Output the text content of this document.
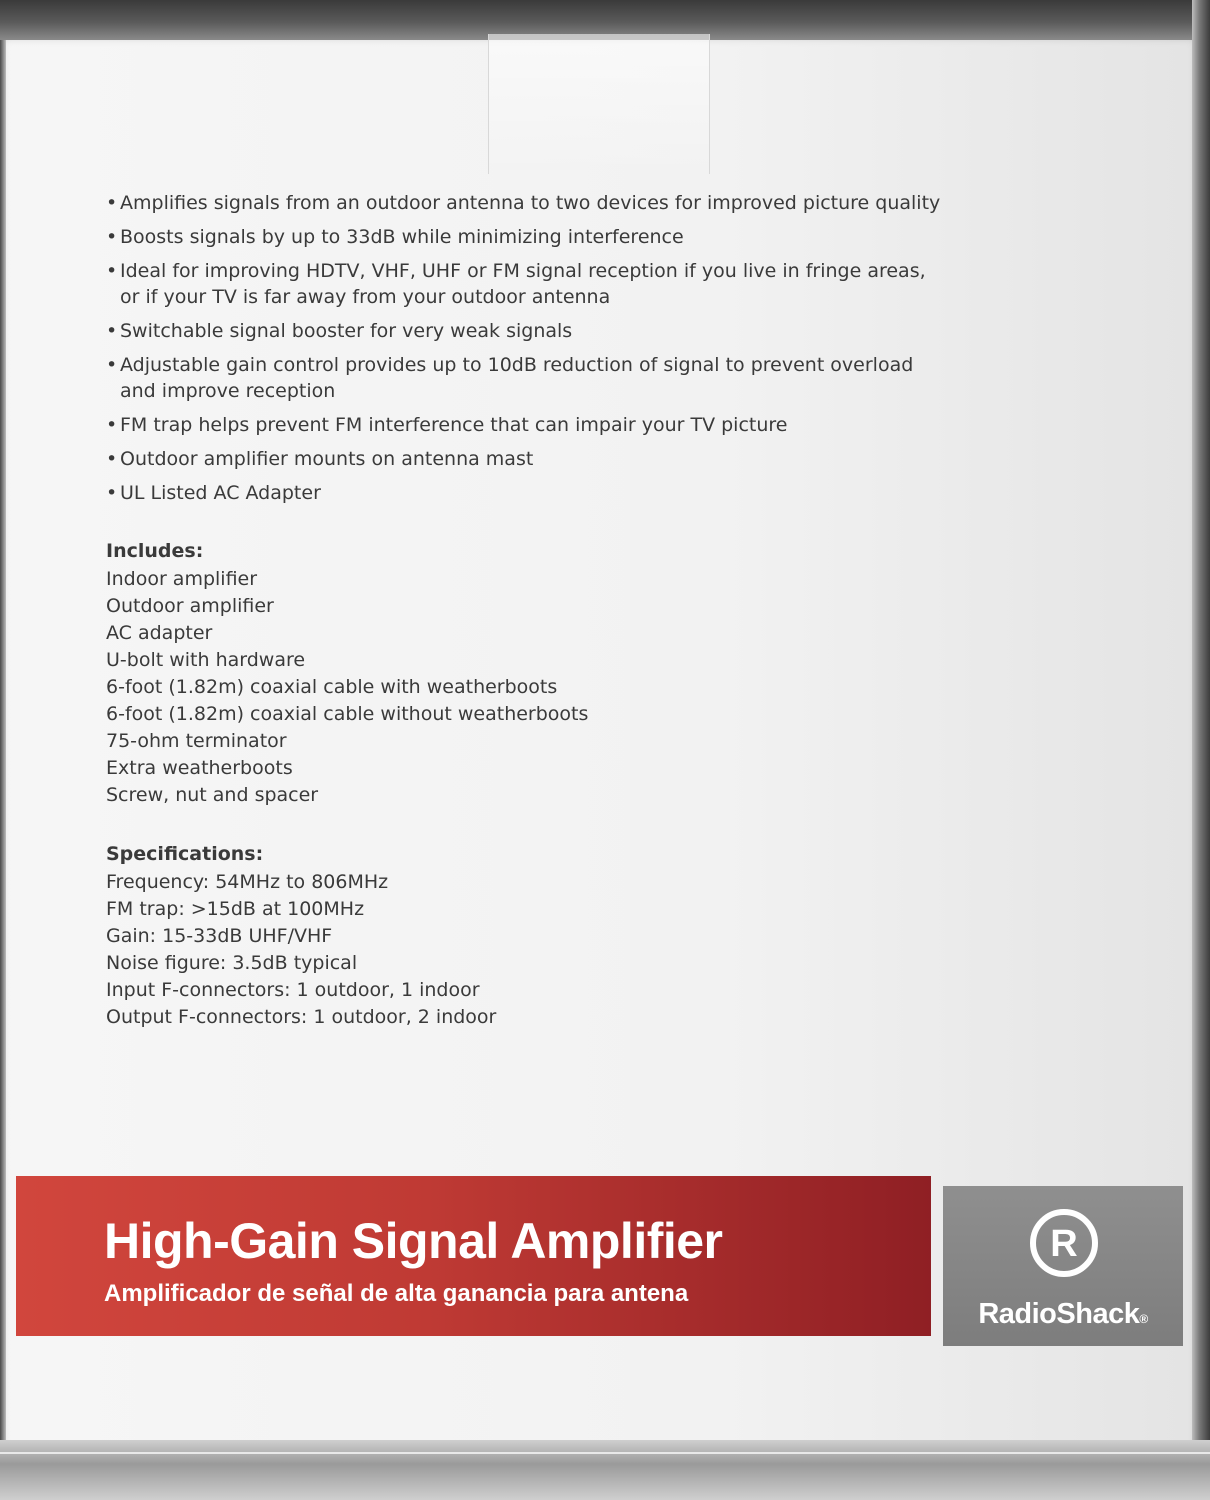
• Amplifies signals from an outdoor antenna to two devices for improved picture quality
• Boosts signals by up to 33dB while minimizing interference
• Ideal for improving HDTV, VHF, UHF or FM signal reception if you live in fringe areas,
or if your TV is far away from your outdoor antenna
• Switchable signal booster for very weak signals
• Adjustable gain control provides up to 10dB reduction of signal to prevent overload
and improve reception
• FM trap helps prevent FM interference that can impair your TV picture
• Outdoor amplifier mounts on antenna mast
• UL Listed AC Adapter
Includes:
Indoor amplifier
Outdoor amplifier
AC adapter
U-bolt with hardware
6-foot (1.82m) coaxial cable with weatherboots
6-foot (1.82m) coaxial cable without weatherboots
75-ohm terminator
Extra weatherboots
Screw, nut and spacer
Specifications:
Frequency: 54MHz to 806MHz
FM trap: >15dB at 100MHz
Gain: 15-33dB UHF/VHF
Noise figure: 3.5dB typical
Input F-connectors: 1 outdoor, 1 indoor
Output F-connectors: 1 outdoor, 2 indoor
High-Gain Signal Amplifier
Amplificador de señal de alta ganancia para antena
R
RadioShack®
